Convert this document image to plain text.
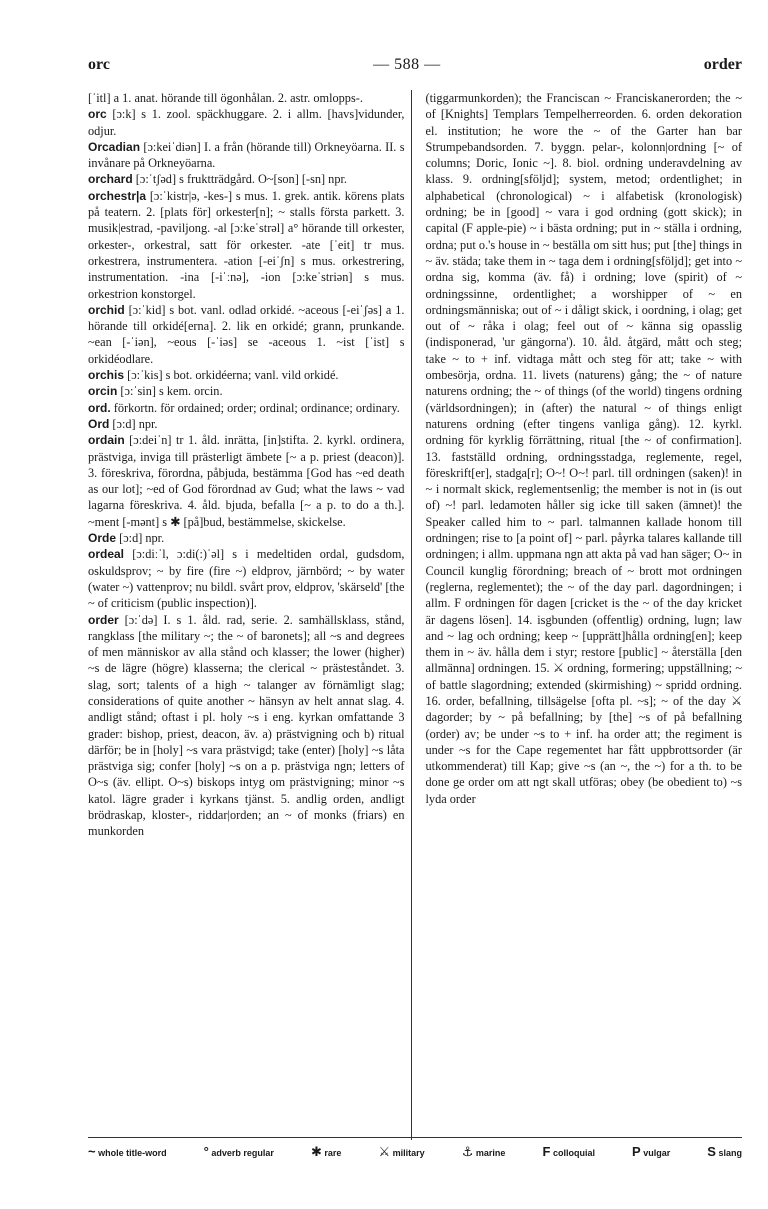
orc	— 588 —	order

[ˈitl] a 1. anat. hörande till ögonhålan. 2. astr. omlopps-.

orc [ɔ:k] s 1. zool. späckhuggare. 2. i allm. [havs]vidunder, odjur.

Orcadian [ɔ:keiˈdiən] I. a från (hörande till) Orkneyöarna. II. s invånare på Orkneyöarna.

orchard [ɔ:ˈtʃəd] s fruktträdgård. O~[son] [-sn] npr.

orchestr|a [ɔ:ˈkistr|ə, -kes-] s mus. 1. grek. antik. körens plats på teatern. 2. [plats för] orkester[n]; ~ stalls första parkett. 3. musik|estrad, -paviljong. -al [ɔ:keˈstrəl] a° hörande till orkester, orkester-, orkestral, satt för orkester. -ate [ˈeit] tr mus. orkestrera, instrumentera. -ation [-eiˈʃn] s mus. orkestrering, instrumentation. -ina [-iˈːnə], -ion [ɔ:keˈstriən] s mus. orkestrion konstorgel.

orchid [ɔ:ˈkid] s bot. vanl. odlad orkidé. ~aceous [-eiˈʃəs] a 1. hörande till orkidé[erna]. 2. lik en orkidé; grann, prunkande. ~ean [-ˈiən], ~eous [-ˈiəs] se -aceous 1. ~ist [ˈist] s orkidéodlare.

orchis [ɔ:ˈkis] s bot. orkidéerna; vanl. vild orkidé.

orcin [ɔ:ˈsin] s kem. orcin.

ord. förkortn. för ordained; order; ordinal; ordinance; ordinary.

Ord [ɔ:d] npr.

ordain [ɔ:deiˈn] tr 1. åld. inrätta, [in]stifta. 2. kyrkl. ordinera, prästviga, inviga till prästerligt ämbete [~ a p. priest (deacon)]. 3. föreskriva, förordna, påbjuda, bestämma [God has ~ed death as our lot]; ~ed of God förordnad av Gud; what the laws ~ vad lagarna föreskriva. 4. åld. bjuda, befalla [~ a p. to do a th.]. ~ment [-mənt] s ✱ [på]bud, bestämmelse, skickelse.

Orde [ɔ:d] npr.

ordeal [ɔ:diːˈl, ɔ:di(:)ˈəl] s i medeltiden ordal, gudsdom, oskuldsprov; ~ by fire (fire ~) eldprov, järnbörd; ~ by water (water ~) vattenprov; nu bildl. svårt prov, eldprov, 'skärseld' [the ~ of criticism (public inspection)].

order [ɔ:ˈdə] I. s 1. åld. rad, serie. 2. samhällsklass, stånd, rangklass [the military ~; the ~ of baronets]; all ~s and degrees of men människor av alla stånd och klasser; the lower (higher) ~s de lägre (högre) klasserna; the clerical ~ prästeståndet. 3. slag, sort; talents of a high ~ talanger av förnämligt slag; considerations of quite another ~ hänsyn av helt annat slag. 4. andligt stånd; oftast i pl. holy ~s i eng. kyrkan omfattande 3 grader: bishop, priest, deacon, äv. a) prästvigning och b) ritual därför; be in [holy] ~s vara prästvigd; take (enter) [holy] ~s låta prästviga sig; confer [holy] ~s on a p. prästviga ngn; letters of O~s (äv. ellipt. O~s) biskops intyg om prästvigning; minor ~s katol. lägre grader i kyrkans tjänst. 5. andlig orden, andligt brödraskap, kloster-, riddar|orden; an ~ of monks (friars) en munkorden

(tiggarmunkorden); the Franciscan ~ Franciskanerorden; the ~ of [Knights] Templars Tempelherreorden. 6. orden dekoration el. institution; he wore the ~ of the Garter han bar Strumpebandsorden. 7. byggn. pelar-, kolonn|ordning [~ of columns; Doric, Ionic ~]. 8. biol. ordning underavdelning av klass. 9. ordning[sföljd]; system, metod; ordentlighet; in alphabetical (chronological) ~ i alfabetisk (kronologisk) ordning; be in [good] ~ vara i god ordning (gott skick); in capital (F apple-pie) ~ i bästa ordning; put in ~ ställa i ordning, ordna; put o.'s house in ~ beställa om sitt hus; put [the] things in ~ äv. städa; take them in ~ taga dem i ordning[sföljd]; get into ~ ordna sig, komma (äv. få) i ordning; love (spirit) of ~ ordningssinne, ordentlighet; a worshipper of ~ en ordningsmänniska; out of ~ i dåligt skick, i oordning, i olag; get out of ~ råka i olag; feel out of ~ känna sig opasslig (indisponerad, 'ur gängorna'). 10. åld. åtgärd, mått och steg; take ~ to + inf. vidtaga mått och steg för att; take ~ with ombesörja, ordna. 11. livets (naturens) gång; the ~ of nature naturens ordning; the ~ of things (of the world) tingens ordning (världsordningen); in (after) the natural ~ of things enligt naturens ordning (efter tingens vanliga gång). 12. kyrkl. ordning för kyrklig förrättning, ritual [the ~ of confirmation]. 13. fastställd ordning, ordningsstadga, reglemente, regel, föreskrift[er], stadga[r]; O~! O~! parl. till ordningen (saken)! in ~ i normalt skick, reglementsenlig; the member is not in (is out of) ~! parl. ledamoten håller sig icke till saken (ämnet)! the Speaker called him to ~ parl. talmannen kallade honom till ordningen; rise to [a point of] ~ parl. påyrka talares kallande till ordningen; i allm. uppmana ngn att akta på vad han säger; O~ in Council kunglig förordning; breach of ~ brott mot ordningen (reglerna, reglementet); the ~ of the day parl. dagordningen; i allm. F ordningen för dagen [cricket is the ~ of the day kricket är dagens lösen]. 14. isgbunden (offentlig) ordning, lugn; law and ~ lag och ordning; keep ~ [upprätt]hålla ordning[en]; keep them in ~ äv. hålla dem i styr; restore [public] ~ återställa [den allmänna] ordningen. 15. ⚔ ordning, formering; uppställning; ~ of battle slagordning; extended (skirmishing) ~ spridd ordning. 16. order, befallning, tillsägelse [ofta pl. ~s]; ~ of the day ⚔ dagorder; by ~ på befallning; by [the] ~s of på befallning (order) av; be under ~s to + inf. ha order att; the regiment is under ~s for the Cape regementet har fått uppbrottsorder (är utkommenderat) till Kap; give ~s (an ~, the ~) for a th. to be done ge order om att ngt skall utföras; obey (be obedient to) ~s lyda order

~ whole title-word	° adverb regular	✱ rare	⚔ military	⚓ marine	F colloquial	P vulgar	S slang
